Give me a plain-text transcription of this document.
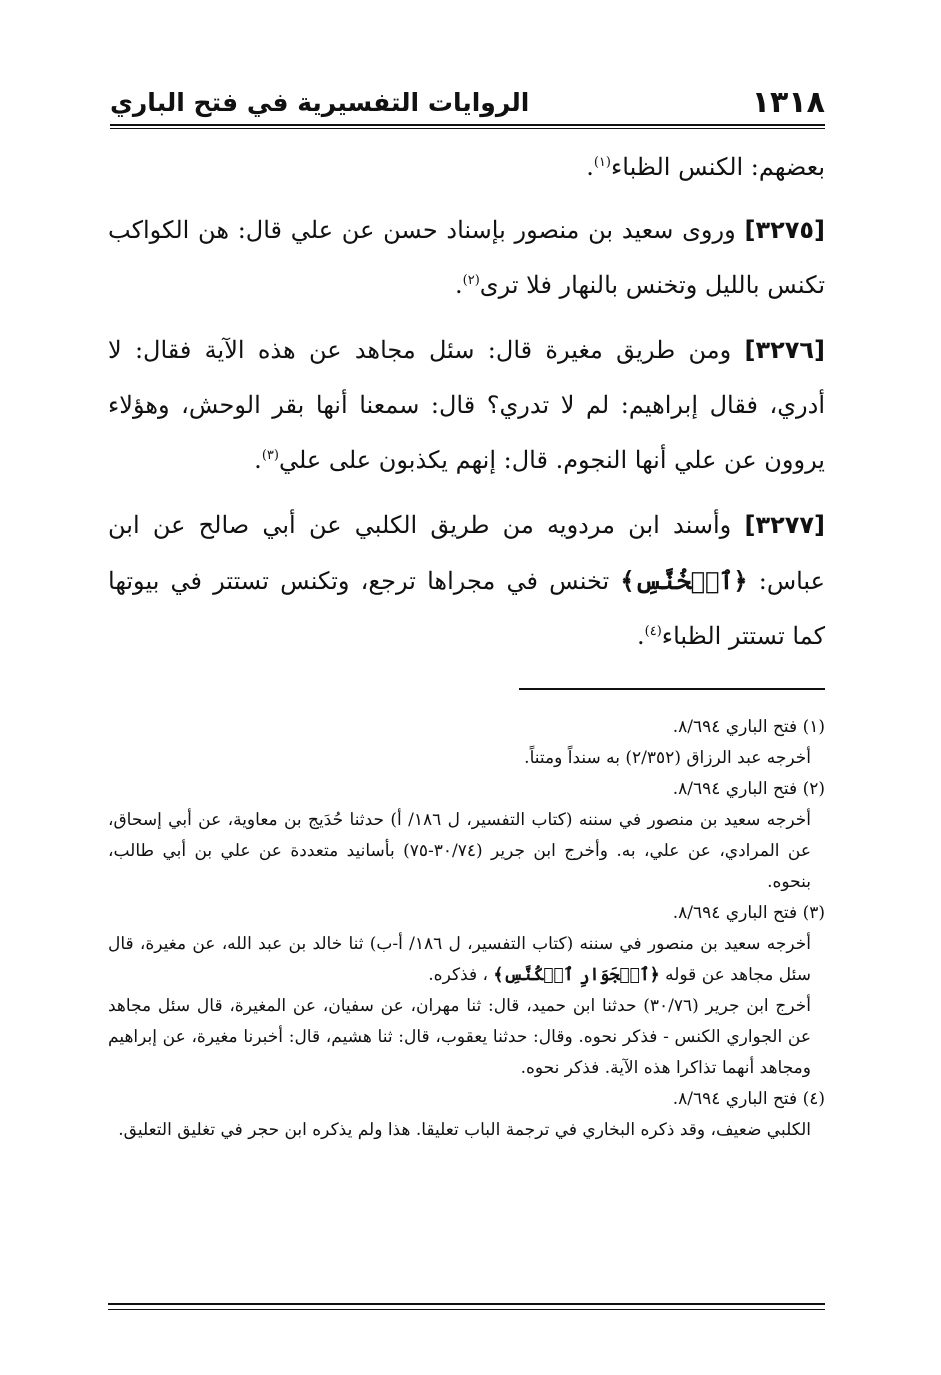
١٣١٨
الروايات التفسيرية في فتح الباري

بعضهم: الكنس الظباء$^{(١)}$.

[٣٢٧٥] وروى سعيد بن منصور بإسناد حسن عن علي قال: هن الكواكب تكنس بالليل وتخنس بالنهار فلا ترى$^{(٢)}$.

[٣٢٧٦] ومن طريق مغيرة قال: سئل مجاهد عن هذه الآية فقال: لا أدري، فقال إبراهيم: لم لا تدري؟ قال: سمعنا أنها بقر الوحش، وهؤلاء يروون عن علي أنها النجوم. قال: إنهم يكذبون على علي$^{(٣)}$.

[٣٢٧٧] وأسند ابن مردويه من طريق الكلبي عن أبي صالح عن ابن عباس: ﴿ٱلۡخُنَّسِ﴾ تخنس في مجراها ترجع، وتكنس تستتر في بيوتها كما تستتر الظباء$^{(٤)}$.

(١) فتح الباري ٨/٦٩٤.

أخرجه عبد الرزاق (٢/٣٥٢) به سنداً ومتناً.

(٢) فتح الباري ٨/٦٩٤.

أخرجه سعيد بن منصور في سننه (كتاب التفسير، ل ١٨٦/ أ) حدثنا حُدَيج بن معاوية، عن أبي إسحاق، عن المرادي، عن علي، به. وأخرج ابن جرير (٣٠/٧٤-٧٥) بأسانيد متعددة عن علي بن أبي طالب، بنحوه.

(٣) فتح الباري ٨/٦٩٤.

أخرجه سعيد بن منصور في سننه (كتاب التفسير، ل ١٨٦/ أ-ب) ثنا خالد بن عبد الله، عن مغيرة، قال سئل مجاهد عن قوله ﴿ٱلۡجَوَارِ ٱلۡكُنَّسِ﴾ ، فذكره.

أخرج ابن جرير (٣٠/٧٦) حدثنا ابن حميد، قال: ثنا مهران، عن سفيان، عن المغيرة، قال سئل مجاهد عن الجواري الكنس - فذكر نحوه. وقال: حدثنا يعقوب، قال: ثنا هشيم، قال: أخبرنا مغيرة، عن إبراهيم ومجاهد أنهما تذاكرا هذه الآية. فذكر نحوه.

(٤) فتح الباري ٨/٦٩٤.

الكلبي ضعيف، وقد ذكره البخاري في ترجمة الباب تعليقا. هذا ولم يذكره ابن حجر في تغليق التعليق.
